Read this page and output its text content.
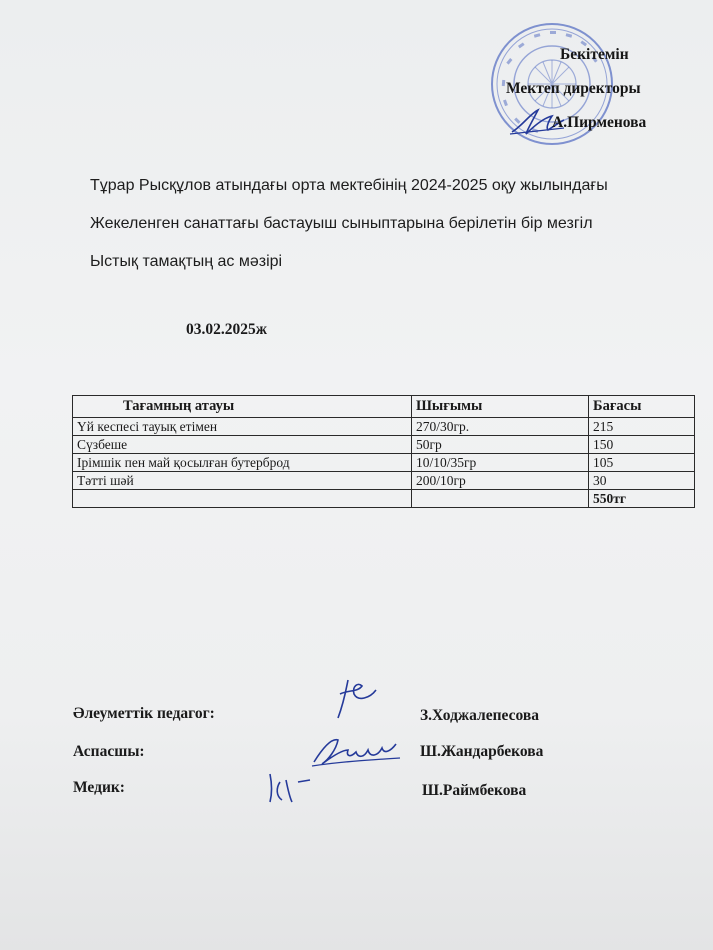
Бекітемін
Мектеп директоры
А.Пирменова
Тұрар Рысқұлов атындағы орта мектебінің 2024-2025 оқу жылындағы
Жекеленген санаттағы бастауыш сыныптарына берілетін бір мезгіл
Ыстық тамақтың ас мәзірі
03.02.2025ж
Тағамның атауы	Шығымы	Бағасы
Үй кеспесі тауық етімен	270/30гр.	215
Сүзбеше	50гр	150
Ірімшік пен май қосылған бутерброд	10/10/35гр	105
Тәтті шәй	200/10гр	30
		550тг
Әлеуметтік педагог:
Аспасшы:
Медик:
З.Ходжалепесова
Ш.Жандарбекова
Ш.Раймбекова
